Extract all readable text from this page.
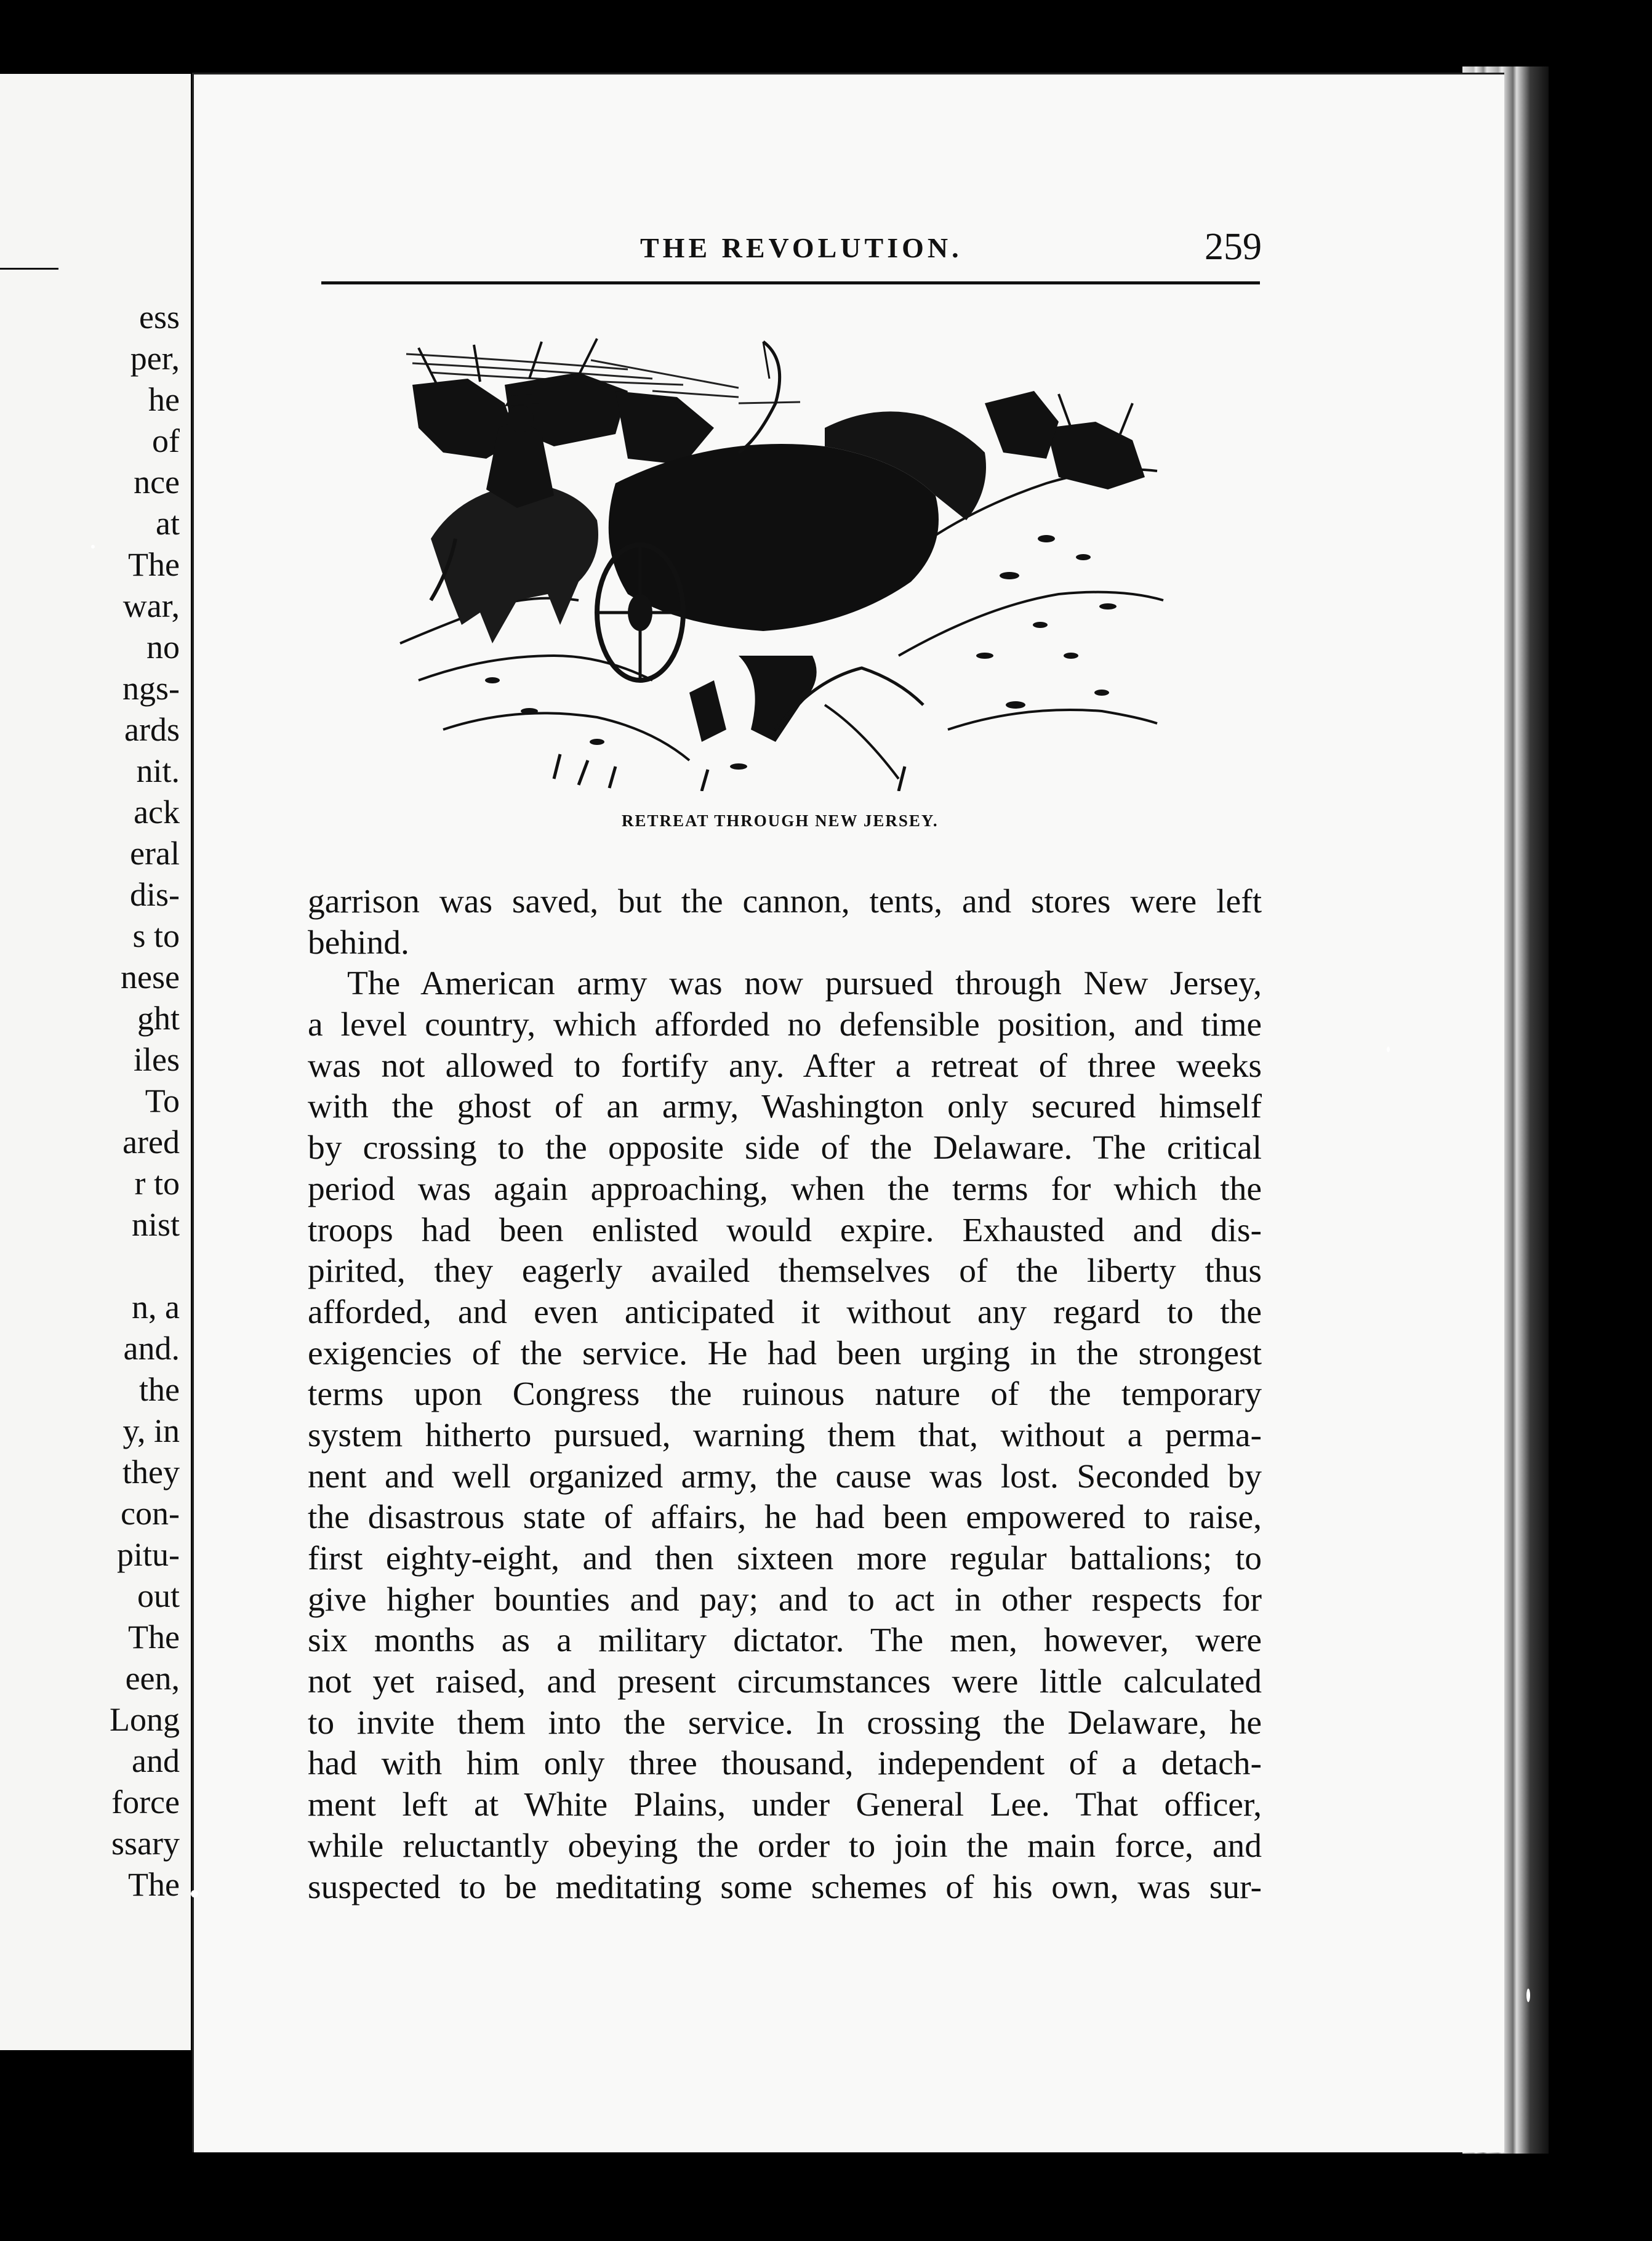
ess
per,
he
of
nce
at
The
war,
no
ngs-
ards
nit.
ack
eral
dis-
s to
nese
ght
iles
To
ared
r to
nist
n, a
and.
the
y, in
they
con-
pitu-
out
The
een,
Long
and
force
ssary
The
THE REVOLUTION.	259
RETREAT THROUGH NEW JERSEY.
garrison was saved, but the cannon, tents, and stores were left
behind.
The American army was now pursued through New Jersey,
a level country, which afforded no defensible position, and time
was not allowed to fortify any. After a retreat of three weeks
with the ghost of an army, Washington only secured himself
by crossing to the opposite side of the Delaware. The critical
period was again approaching, when the terms for which the
troops had been enlisted would expire. Exhausted and dis-
pirited, they eagerly availed themselves of the liberty thus
afforded, and even anticipated it without any regard to the
exigencies of the service. He had been urging in the strongest
terms upon Congress the ruinous nature of the temporary
system hitherto pursued, warning them that, without a perma-
nent and well organized army, the cause was lost. Seconded by
the disastrous state of affairs, he had been empowered to raise,
first eighty-eight, and then sixteen more regular battalions; to
give higher bounties and pay; and to act in other respects for
six months as a military dictator. The men, however, were
not yet raised, and present circumstances were little calculated
to invite them into the service. In crossing the Delaware, he
had with him only three thousand, independent of a detach-
ment left at White Plains, under General Lee. That officer,
while reluctantly obeying the order to join the main force, and
suspected to be meditating some schemes of his own, was sur-
